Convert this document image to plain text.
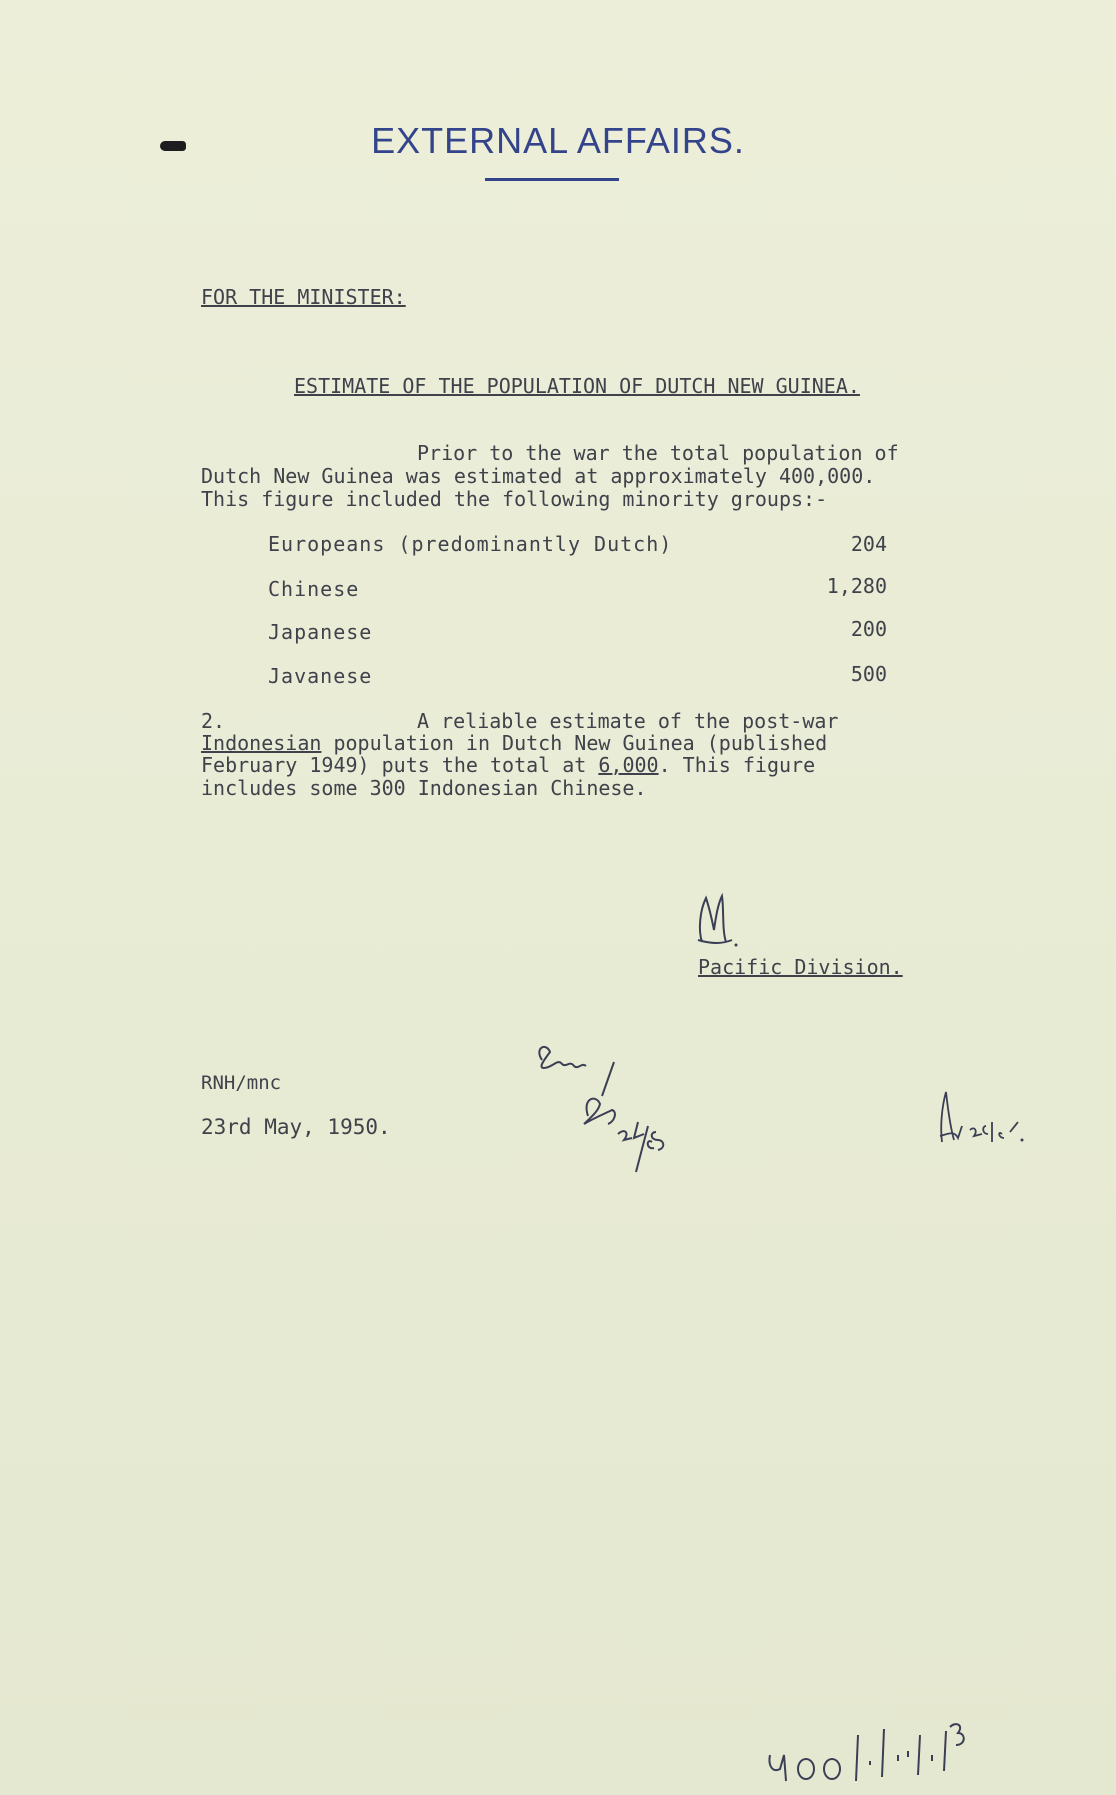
EXTERNAL AFFAIRS.
FOR THE MINISTER:
ESTIMATE OF THE POPULATION OF DUTCH NEW GUINEA.
Prior to the war the total population of
Dutch New Guinea was estimated at approximately 400,000.
This figure included the following minority groups:-
Europeans (predominantly Dutch)	204
Chinese	1,280
Japanese	200
Javanese	500
2.	A reliable estimate of the post-war
Indonesian population in Dutch New Guinea (published
February 1949) puts the total at 6,000. This figure
includes some 300 Indonesian Chinese.
Pacific Division.
RNH/mnc
23rd May, 1950.
